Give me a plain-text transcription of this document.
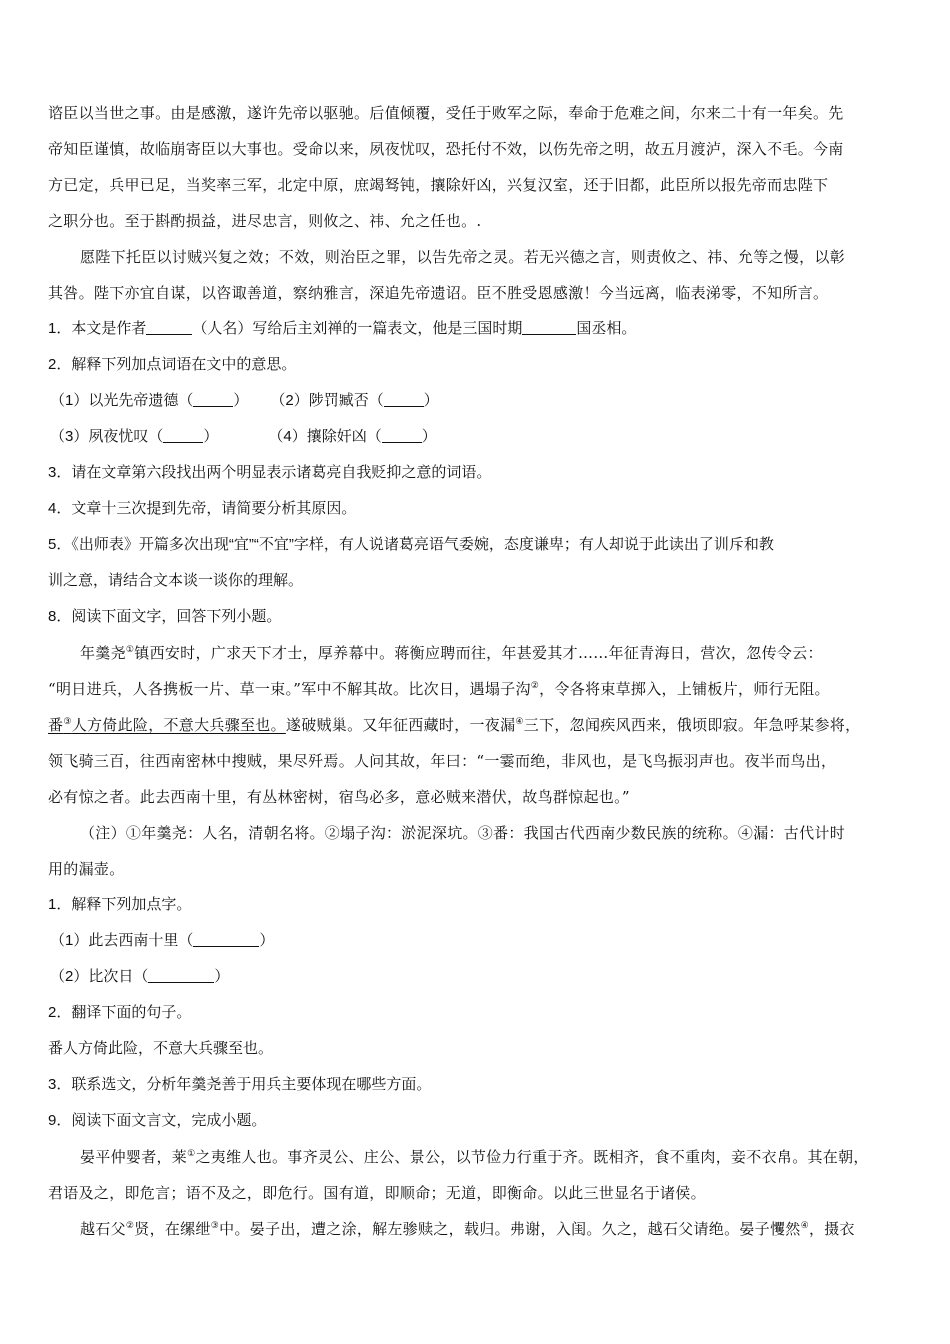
谘臣以当世之事。由是感激，遂许先帝以驱驰。后值倾覆，受任于败军之际，奉命于危难之间，尔来二十有一年矣。先
帝知臣谨慎，故临崩寄臣以大事也。受命以来，夙夜忧叹，恐托付不效，以伤先帝之明，故五月渡泸，深入不毛。今南
方已定，兵甲已足，当奖率三军，北定中原，庶竭驽钝，攘除奸凶，兴复汉室，还于旧都，此臣所以报先帝而忠陛下
之职分也。至于斟酌损益，进尽忠言，则攸之、祎、允之任也。.
愿陛下托臣以讨贼兴复之效；不效，则治臣之罪，以告先帝之灵。若无兴德之言，则责攸之、祎、允等之慢，以彰
其咎。陛下亦宜自谋，以咨诹善道，察纳雅言，深追先帝遗诏。臣不胜受恩感激！今当远离，临表涕零，不知所言。
1．本文是作者	（人名）写给后主刘禅的一篇表文，他是三国时期	国丞相。
2．解释下列加点词语在文中的意思。
（1）以光先帝遗德（	） （2）陟罚臧否（	）
（3）夙夜忧叹（	）	（4）攘除奸凶（	）
3．请在文章第六段找出两个明显表示诸葛亮自我贬抑之意的词语。
4．文章十三次提到先帝，请简要分析其原因。
5．《出师表》开篇多次出现“宜”“不宜”字样，有人说诸葛亮语气委婉，态度谦卑；有人却说于此读出了训斥和教
训之意，请结合文本谈一谈你的理解。
8．阅读下面文字，回答下列小题。
年羹尧①镇西安时，广求天下才士，厚养幕中。蒋衡应聘而往，年甚爱其才……年征青海日，营次，忽传令云：
“明日进兵，人各携板一片、草一束。”军中不解其故。比次日，遇塌子沟②，令各将束草掷入，上铺板片，师行无阻。
番③人方倚此险，不意大兵骤至也。遂破贼巢。又年征西藏时，一夜漏④三下，忽闻疾风西来，俄顷即寂。年急呼某参将，
领飞骑三百，往西南密林中搜贼，果尽歼焉。人问其故，年曰：“一霎而绝，非风也，是飞鸟振羽声也。夜半而鸟出，
必有惊之者。此去西南十里，有丛林密树，宿鸟必多，意必贼来潜伏，故鸟群惊起也。”
（注）①年羹尧：人名，清朝名将。②塌子沟：淤泥深坑。③番：我国古代西南少数民族的统称。④漏：古代计时
用的漏壶。
1．解释下列加点字。
（1）此去西南十里（	）
（2）比次日（	）
2．翻译下面的句子。
番人方倚此险，不意大兵骤至也。
3．联系选文，分析年羹尧善于用兵主要体现在哪些方面。
9．阅读下面文言文，完成小题。
晏平仲婴者，莱①之夷维人也。事齐灵公、庄公、景公，以节俭力行重于齐。既相齐，食不重肉，妾不衣帛。其在朝，
君语及之，即危言；语不及之，即危行。国有道，即顺命；无道，即衡命。以此三世显名于诸侯。
越石父②贤，在缧绁③中。晏子出，遭之涂，解左骖赎之，载归。弗谢，入闺。久之，越石父请绝。晏子戄然④，摄衣
